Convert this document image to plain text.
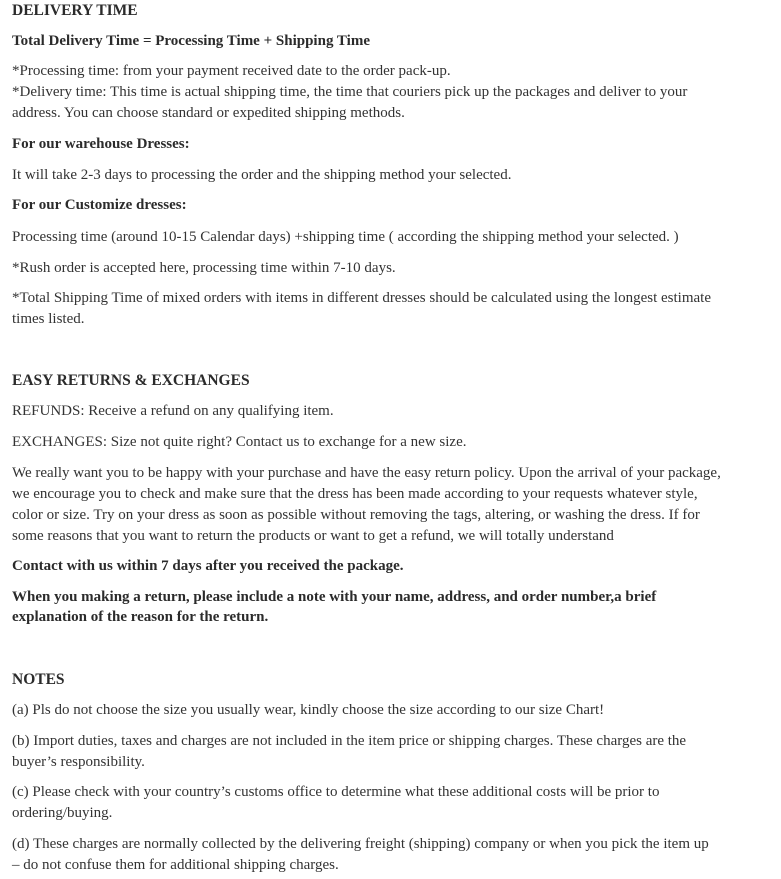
DELIVERY TIME
Total Delivery Time = Processing Time + Shipping Time
*Processing time: from your payment received date to the order pack-up.
*Delivery time: This time is actual shipping time, the time that couriers pick up the packages and deliver to your
address. You can choose standard or expedited shipping methods.
For our warehouse Dresses:
It will take 2-3 days to processing the order and the shipping method your selected.
For our Customize dresses:
Processing time (around 10-15 Calendar days) +shipping time ( according the shipping method your selected. )
*Rush order is accepted here, processing time within 7-10 days.
*Total Shipping Time of mixed orders with items in different dresses should be calculated using the longest estimate
times listed.
EASY RETURNS & EXCHANGES
REFUNDS: Receive a refund on any qualifying item.
EXCHANGES: Size not quite right? Contact us to exchange for a new size.
We really want you to be happy with your purchase and have the easy return policy. Upon the arrival of your package,
we encourage you to check and make sure that the dress has been made according to your requests whatever style,
color or size. Try on your dress as soon as possible without removing the tags, altering, or washing the dress. If for
some reasons that you want to return the products or want to get a refund, we will totally understand
Contact with us within 7 days after you received the package.
When you making a return, please include a note with your name, address, and order number,a brief
explanation of the reason for the return.
NOTES
(a) Pls do not choose the size you usually wear, kindly choose the size according to our size Chart!
(b) Import duties, taxes and charges are not included in the item price or shipping charges. These charges are the
buyer’s responsibility.
(c) Please check with your country’s customs office to determine what these additional costs will be prior to
ordering/buying.
(d) These charges are normally collected by the delivering freight (shipping) company or when you pick the item up
– do not confuse them for additional shipping charges.
